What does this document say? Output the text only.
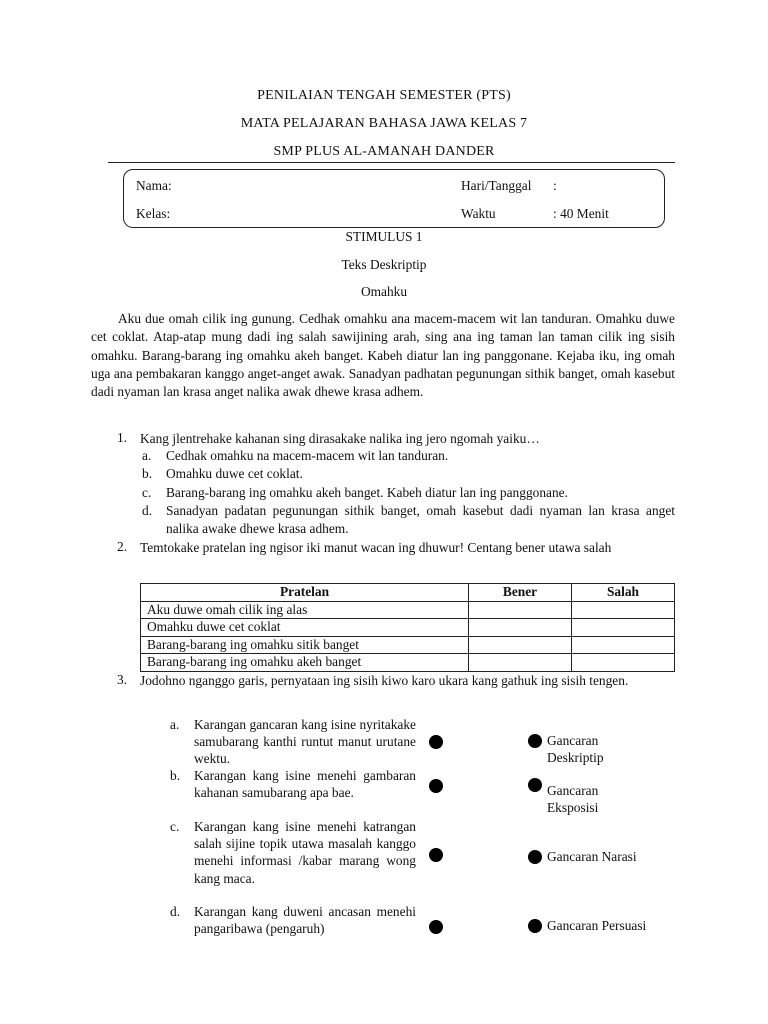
PENILAIAN TENGAH SEMESTER (PTS)
MATA PELAJARAN BAHASA JAWA KELAS 7
SMP PLUS AL-AMANAH DANDER
Nama:
Kelas:
Hari/Tanggal :
Waktu	: 40 Menit
STIMULUS 1
Teks Deskriptip
Omahku
Aku due omah cilik ing gunung. Cedhak omahku ana macem-macem wit lan tanduran. Omahku duwe cet coklat. Atap-atap mung dadi ing salah sawijining arah, sing ana ing taman lan taman cilik ing sisih omahku. Barang-barang ing omahku akeh banget. Kabeh diatur lan ing panggonane. Kejaba iku, ing omah uga ana pembakaran kanggo anget-anget awak. Sanadyan padhatan pegunungan sithik banget, omah kasebut dadi nyaman lan krasa anget nalika awak dhewe krasa adhem.
1. Kang jlentrehake kahanan sing dirasakake nalika ing jero ngomah yaiku…
a. Cedhak omahku na macem-macem wit lan tanduran.
b. Omahku duwe cet coklat.
c. Barang-barang ing omahku akeh banget. Kabeh diatur lan ing panggonane.
d. Sanadyan padatan pegunungan sithik banget, omah kasebut dadi nyaman lan krasa anget nalika awake dhewe krasa adhem.
2. Temtokake pratelan ing ngisor iki manut wacan ing dhuwur! Centang bener utawa salah
Pratelan	Bener	Salah
Aku duwe omah cilik ing alas		
Omahku duwe cet coklat		
Barang-barang ing omahku sitik banget		
Barang-barang ing omahku akeh banget		
3. Jodohno nganggo garis, pernyataan ing sisih kiwo karo ukara kang gathuk ing sisih tengen.
a. Karangan gancaran kang isine nyritakake samubarang kanthi runtut manut urutane wektu.
b. Karangan kang isine menehi gambaran kahanan samubarang apa bae.
c. Karangan kang isine menehi katrangan salah sijine topik utawa masalah kanggo menehi informasi /kabar marang wong kang maca.
d. Karangan kang duweni ancasan menehi pangaribawa (pengaruh)
Gancaran Deskriptip
Gancaran Eksposisi
Gancaran Narasi
Gancaran Persuasi
